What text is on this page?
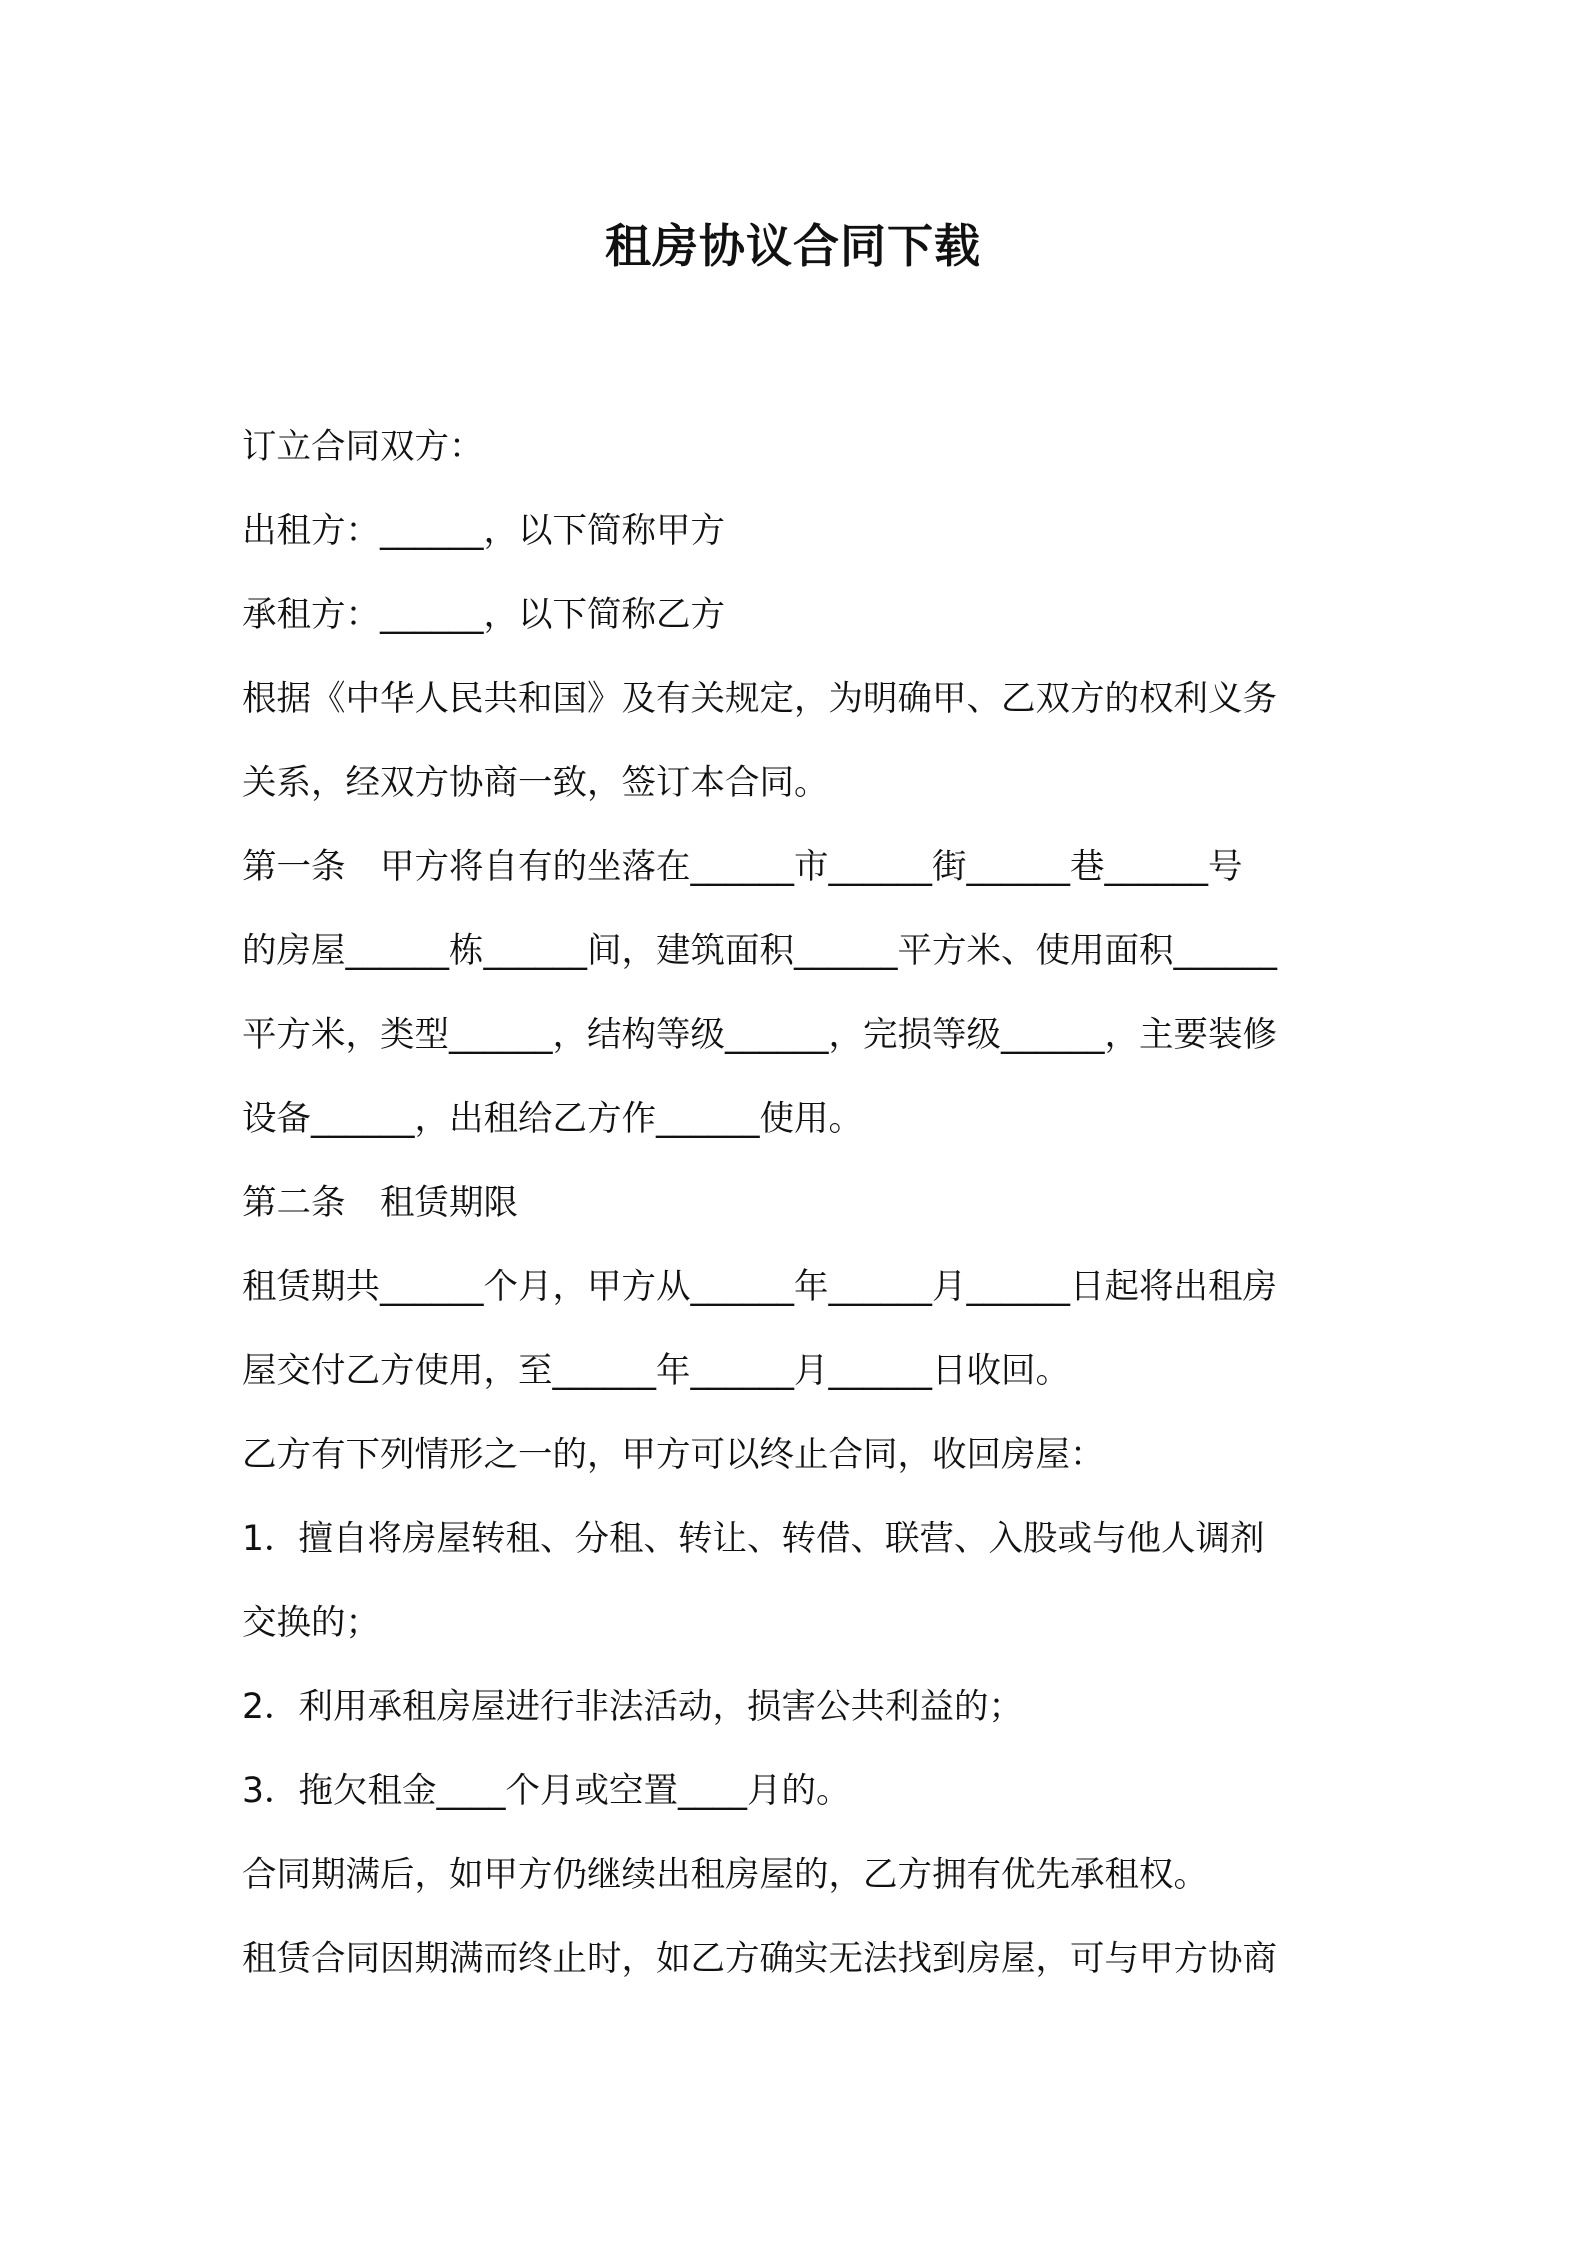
租房协议合同下载
订立合同双方：
出租方：______，以下简称甲方
承租方：______，以下简称乙方
根据《中华人民共和国》及有关规定，为明确甲、乙双方的权利义务
关系，经双方协商一致，签订本合同。
第一条　甲方将自有的坐落在______市______街______巷______号
的房屋______栋______间，建筑面积______平方米、使用面积______
平方米，类型______，结构等级______，完损等级______，主要装修
设备______，出租给乙方作______使用。
第二条　租赁期限
租赁期共______个月，甲方从______年______月______日起将出租房
屋交付乙方使用，至______年______月______日收回。
乙方有下列情形之一的，甲方可以终止合同，收回房屋：
1．擅自将房屋转租、分租、转让、转借、联营、入股或与他人调剂
交换的；
2．利用承租房屋进行非法活动，损害公共利益的；
3．拖欠租金____个月或空置____月的。
合同期满后，如甲方仍继续出租房屋的，乙方拥有优先承租权。
租赁合同因期满而终止时，如乙方确实无法找到房屋，可与甲方协商
